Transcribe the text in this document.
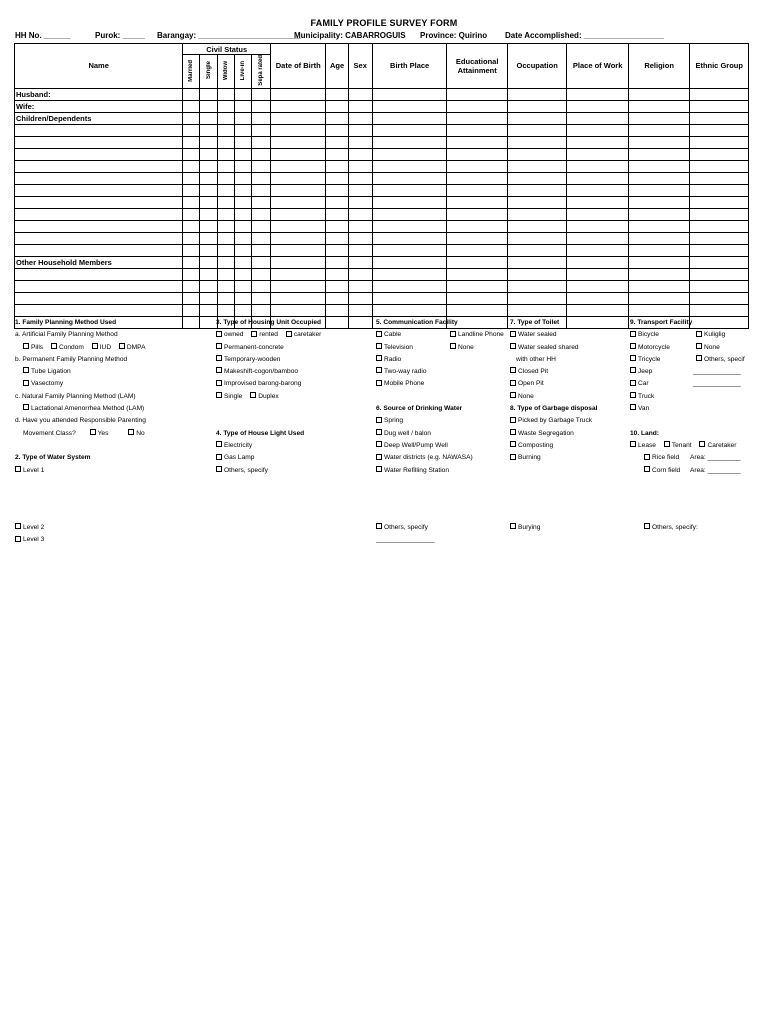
FAMILY PROFILE SURVEY FORM
HH No. ______	Purok: _____ Barangay: _______________________
Municipality: CABARROGUIS Province: Quirino Date Accomplished: __________________
Name	Civil Status					Date of Birth	Age	Sex	Birth Place	Educational Attainment	Occupation	Place of Work	Religion	Ethnic Group
	Married	Single	Widow	Live-in	Sepa rated									
Husband:														
Wife:														
Children/Dependents														

Other Household Members														

1. Family Planning Method Used
a. Artificial Family Planning Method
Pills Condom IUD DMPA
b. Permanent Family Planning Method
Tube Ligation
Vasectomy
c. Natural Family Planning Method (LAM)
Lactational Amenorrhea Method (LAM)
d. Have you attended Responsible Parenting
Movement Class?	Yes	No

2. Type of Water System
Level 1
Level 2
Level 3
3. Type of Housing Unit Occupied
owned rented caretaker
Permanent-concrete
Temporary-wooden
Makeshift-cogon/bamboo
Improvised barong-barong
Single Duplex

4. Type of House Light Used
Electricity
Gas Lamp
Others, specify
5. Communication Facility
Cable	Landline Phone
Television	None
Radio
Two-way radio
Mobile Phone

6. Source of Drinking Water
Spring
Dug well / balon
Deep Well/Pump Well
Water districts (e.g. NAWASA)
Water Refilling Station
Others, specify
________________
7. Type of Toilet
Water sealed
Water sealed shared
with other HH
Closed Pit
Open Pit
None
8. Type of Garbage disposal
Picked by Garbage Truck
Waste Segregation
Composting
Burning
Burying
9. Transport Facility
Bicycle	Kuliglig
Motorcycle	None
Tricycle	Others, specif
Jeep	_____________
Car	_____________
Truck
Van

10. Land:
Lease Tenant Caretaker
Rice field Area: _________
Corn field Area: _________
Others, specify:
